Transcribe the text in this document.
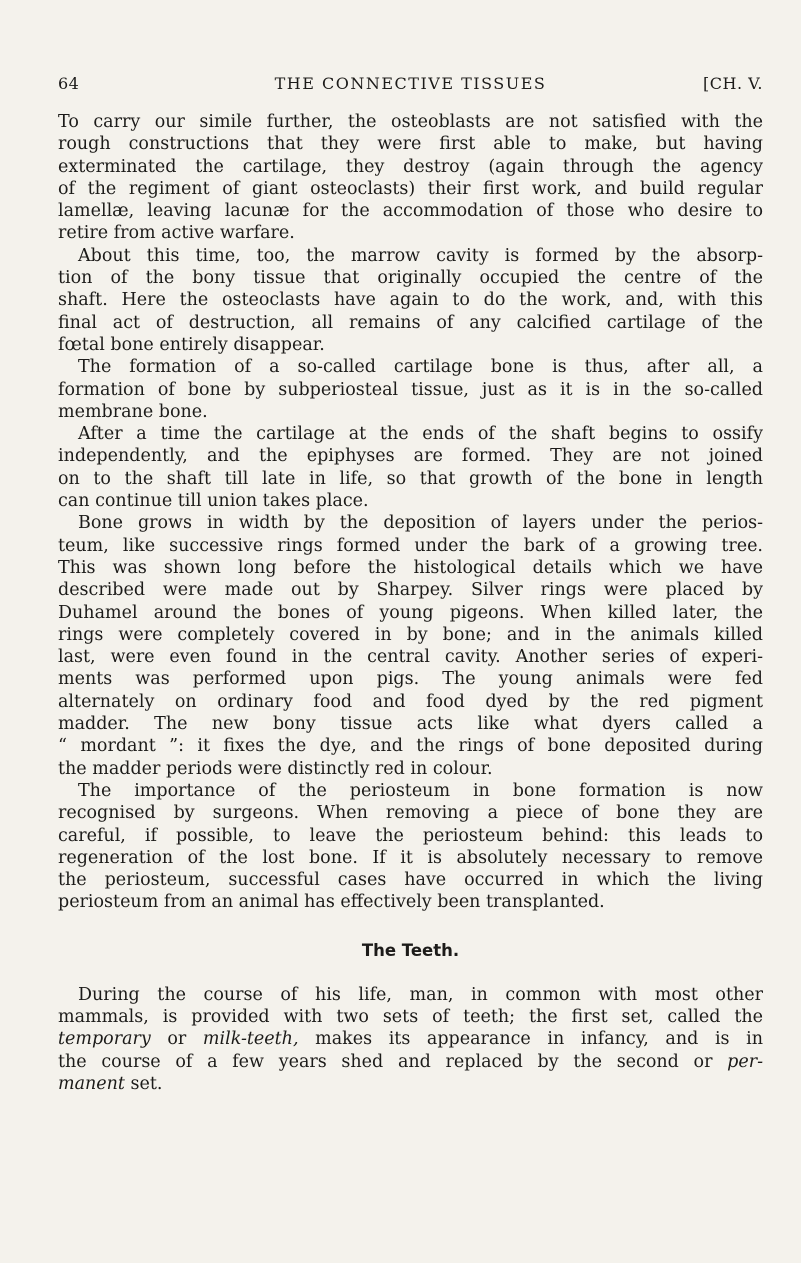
64	THE CONNECTIVE TISSUES	[CH. V.
To carry our simile further, the osteoblasts are not satisfied with the
rough constructions that they were first able to make, but having
exterminated the cartilage, they destroy (again through the agency
of the regiment of giant osteoclasts) their first work, and build regular
lamellæ, leaving lacunæ for the accommodation of those who desire to
retire from active warfare.
About this time, too, the marrow cavity is formed by the absorp-
tion of the bony tissue that originally occupied the centre of the
shaft. Here the osteoclasts have again to do the work, and, with this
final act of destruction, all remains of any calcified cartilage of the
fœtal bone entirely disappear.
The formation of a so-called cartilage bone is thus, after all, a
formation of bone by subperiosteal tissue, just as it is in the so-called
membrane bone.
After a time the cartilage at the ends of the shaft begins to ossify
independently, and the epiphyses are formed. They are not joined
on to the shaft till late in life, so that growth of the bone in length
can continue till union takes place.
Bone grows in width by the deposition of layers under the perios-
teum, like successive rings formed under the bark of a growing tree.
This was shown long before the histological details which we have
described were made out by Sharpey. Silver rings were placed by
Duhamel around the bones of young pigeons. When killed later, the
rings were completely covered in by bone; and in the animals killed
last, were even found in the central cavity. Another series of experi-
ments was performed upon pigs. The young animals were fed
alternately on ordinary food and food dyed by the red pigment
madder. The new bony tissue acts like what dyers called a
“ mordant ”: it fixes the dye, and the rings of bone deposited during
the madder periods were distinctly red in colour.
The importance of the periosteum in bone formation is now
recognised by surgeons. When removing a piece of bone they are
careful, if possible, to leave the periosteum behind: this leads to
regeneration of the lost bone. If it is absolutely necessary to remove
the periosteum, successful cases have occurred in which the living
periosteum from an animal has effectively been transplanted.
The Teeth.
During the course of his life, man, in common with most other
mammals, is provided with two sets of teeth; the first set, called the
temporary or milk-teeth, makes its appearance in infancy, and is in
the course of a few years shed and replaced by the second or per-
manent set.
